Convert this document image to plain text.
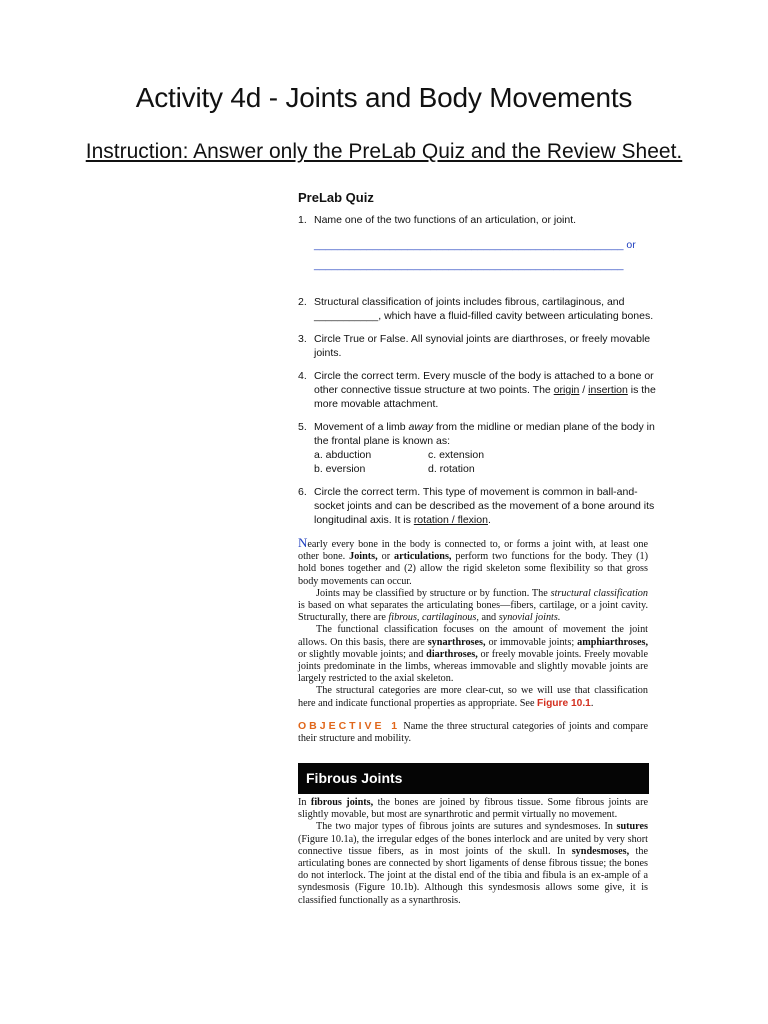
Activity 4d - Joints and Body Movements
Instruction: Answer only the PreLab Quiz and the Review Sheet.
PreLab Quiz
1. Name one of the two functions of an articulation, or joint.
_____________________________________________________ or
_____________________________________________________
2. Structural classification of joints includes fibrous, cartilaginous, and ___________, which have a fluid-filled cavity between articulating bones.
3. Circle True or False. All synovial joints are diarthroses, or freely movable joints.
4. Circle the correct term. Every muscle of the body is attached to a bone or other connective tissue structure at two points. The origin / insertion is the more movable attachment.
5. Movement of a limb away from the midline or median plane of the body in the frontal plane is known as:
a. abduction	c. extension
b. eversion	d. rotation
6. Circle the correct term. This type of movement is common in ball-and-socket joints and can be described as the movement of a bone around its longitudinal axis. It is rotation / flexion.

Nearly every bone in the body is connected to, or forms a joint with, at least one other bone. Joints, or articulations, perform two functions for the body. They (1) hold bones together and (2) allow the rigid skeleton some flexibility so that gross body movements can occur.

Joints may be classified by structure or by function. The structural classification is based on what separates the articulating bones—fibers, cartilage, or a joint cavity. Structurally, there are fibrous, cartilaginous, and synovial joints.

The functional classification focuses on the amount of movement the joint allows. On this basis, there are synarthroses, or immovable joints; amphiarthroses, or slightly movable joints; and diarthroses, or freely movable joints. Freely movable joints predominate in the limbs, whereas immovable and slightly movable joints are largely restricted to the axial skeleton.

The structural categories are more clear-cut, so we will use that classification here and indicate functional properties as appropriate. See Figure 10.1.

OBJECTIVE 1 Name the three structural categories of joints and compare their structure and mobility.

Fibrous Joints

In fibrous joints, the bones are joined by fibrous tissue. Some fibrous joints are slightly movable, but most are synarthrotic and permit virtually no movement.

The two major types of fibrous joints are sutures and syndesmoses. In sutures (Figure 10.1a), the irregular edges of the bones interlock and are united by very short connective tissue fibers, as in most joints of the skull. In syndesmoses, the articulating bones are connected by short ligaments of dense fibrous tissue; the bones do not interlock. The joint at the distal end of the tibia and fibula is an ex-ample of a syndesmosis (Figure 10.1b). Although this syndesmosis allows some give, it is classified functionally as a synarthrosis.
